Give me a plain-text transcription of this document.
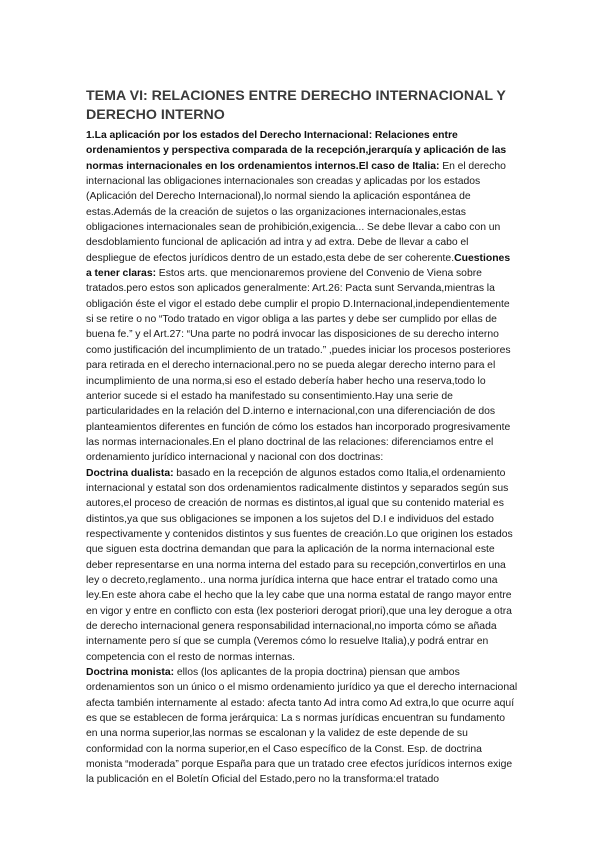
TEMA VI: RELACIONES ENTRE DERECHO INTERNACIONAL Y DERECHO INTERNO
1.La aplicación por los estados del Derecho Internacional: Relaciones entre ordenamientos y perspectiva comparada de la recepción,jerarquía y aplicación de las normas internacionales en los ordenamientos internos.El caso de Italia: En el derecho internacional las obligaciones internacionales son creadas y aplicadas por los estados (Aplicación del Derecho Internacional),lo normal siendo la aplicación espontánea de estas.Además de la creación de sujetos o las organizaciones internacionales,estas obligaciones internacionales sean de prohibición,exigencia... Se debe llevar a cabo con un desdoblamiento funcional de aplicación ad intra y ad extra. Debe de llevar a cabo el despliegue de efectos jurídicos dentro de un estado,esta debe de ser coherente.Cuestiones a tener claras: Estos arts. que mencionaremos proviene del Convenio de Viena sobre tratados.pero estos son aplicados generalmente: Art.26: Pacta sunt Servanda,mientras la obligación éste el vigor el estado debe cumplir el propio D.Internacional,independientemente si se retire o no “Todo tratado en vigor obliga a las partes y debe ser cumplido por ellas de buena fe.” y el Art.27: “Una parte no podrá invocar las disposiciones de su derecho interno como justificación del incumplimiento de un tratado.” ,puedes iniciar los procesos posteriores para retirada en el derecho internacional.pero no se pueda alegar derecho interno para el incumplimiento de una norma,si eso el estado debería haber hecho una reserva,todo lo anterior sucede si el estado ha manifestado su consentimiento.Hay una serie de particularidades en la relación del D.interno e internacional,con una diferenciación de dos planteamientos diferentes en función de cómo los estados han incorporado progresivamente las normas internacionales.En el plano doctrinal de las relaciones: diferenciamos entre el ordenamiento jurídico internacional y nacional con dos doctrinas:
Doctrina dualista: basado en la recepción de algunos estados como Italia,el ordenamiento internacional y estatal son dos ordenamientos radicalmente distintos y separados según sus autores,el proceso de creación de normas es distintos,al igual que su contenido material es distintos,ya que sus obligaciones se imponen a los sujetos del D.I e individuos del estado respectivamente y contenidos distintos y sus fuentes de creación.Lo que originen los estados que siguen esta doctrina demandan que para la aplicación de la norma internacional este deber representarse en una norma interna del estado para su recepción,convertirlos en una ley o decreto,reglamento.. una norma jurídica interna que hace entrar el tratado como una ley.En este ahora cabe el hecho que la ley cabe que una norma estatal de rango mayor entre en vigor y entre en conflicto con esta (lex posteriori derogat priori),que una ley derogue a otra de derecho internacional genera responsabilidad internacional,no importa cómo se añada internamente pero sí que se cumpla (Veremos cómo lo resuelve Italia),y podrá entrar en competencia con el resto de normas internas.
Doctrina monista: ellos (los aplicantes de la propia doctrina) piensan que ambos ordenamientos son un único o el mismo ordenamiento jurídico ya que el derecho internacional afecta también internamente al estado: afecta tanto Ad intra como Ad extra,lo que ocurre aquí es que se establecen de forma jerárquica: La s normas jurídicas encuentran su fundamento en una norma superior,las normas se escalonan y la validez de este depende de su conformidad con la norma superior,en el Caso específico de la Const. Esp. de doctrina monista “moderada” porque España para que un tratado cree efectos jurídicos internos exige la publicación en el Boletín Oficial del Estado,pero no la transforma:el tratado
